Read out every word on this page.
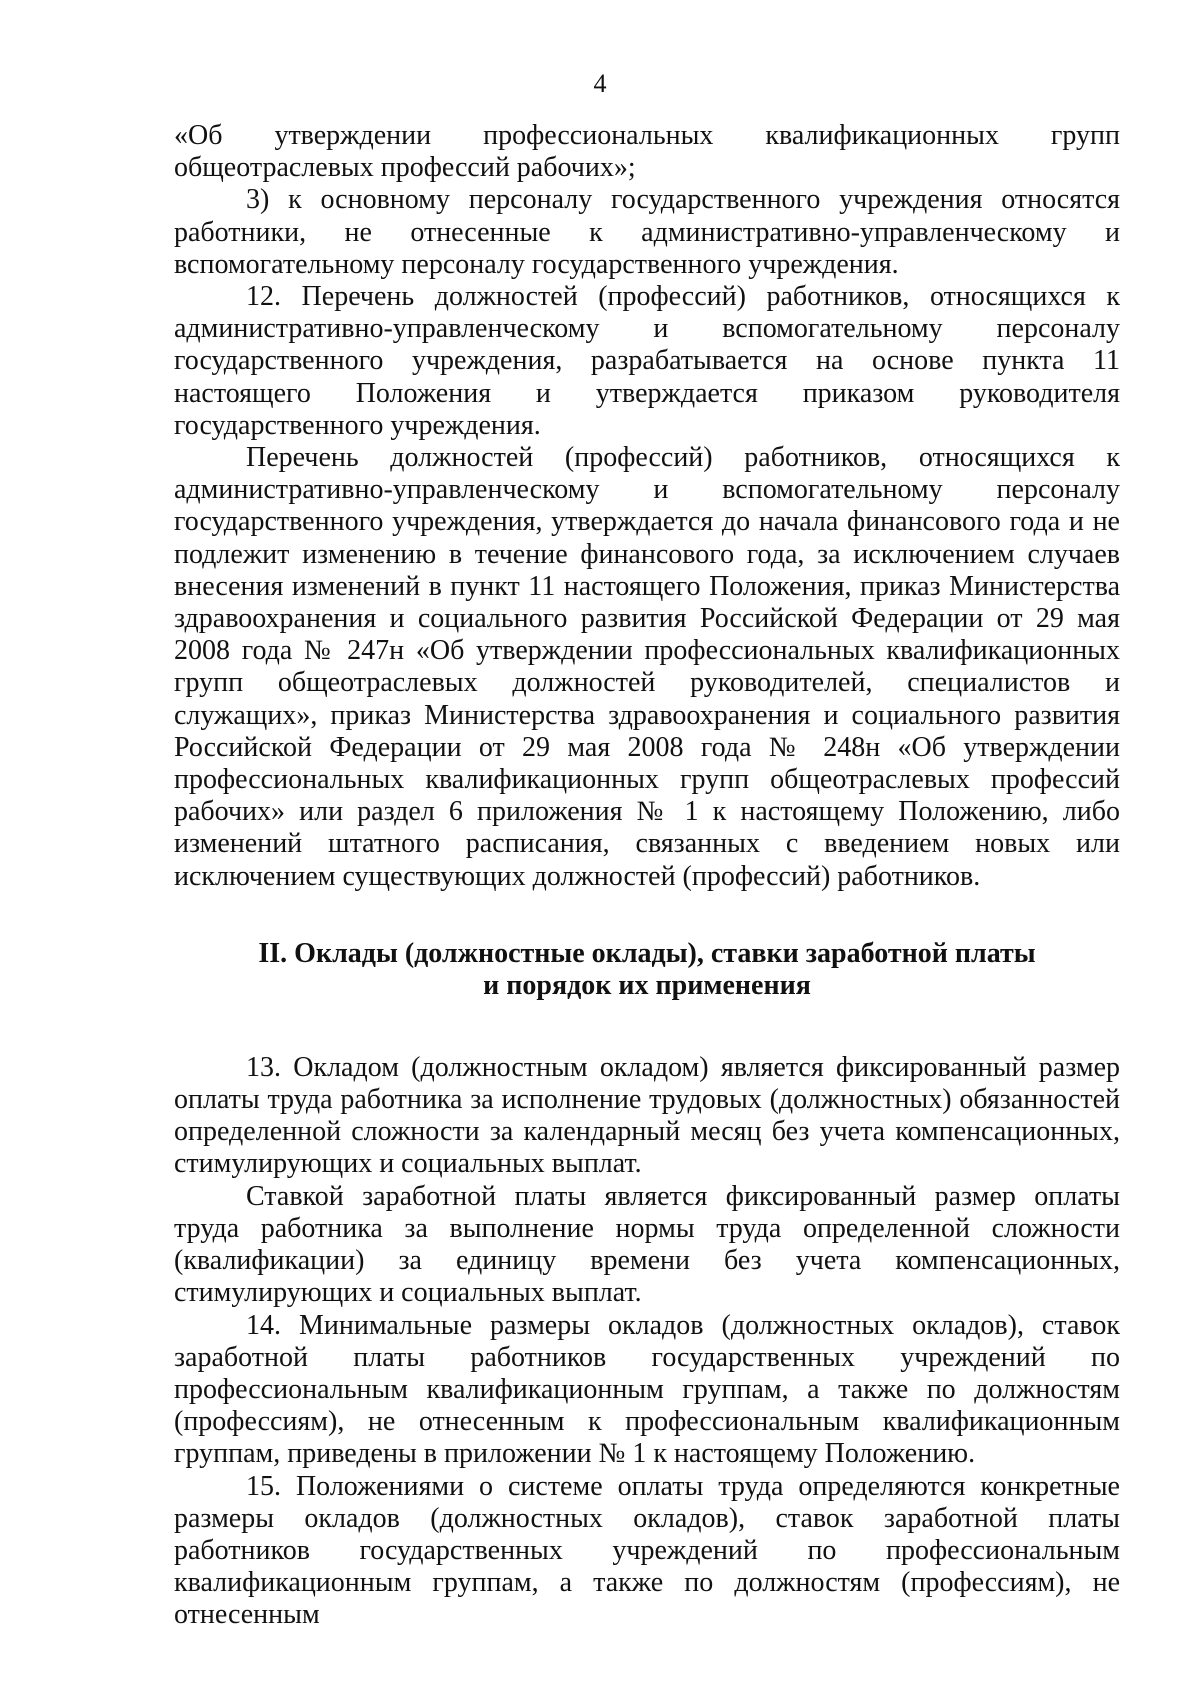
4

«Об утверждении профессиональных квалификационных групп общеотраслевых профессий рабочих»;

3) к основному персоналу государственного учреждения относятся работники, не отнесенные к административно-управленческому и вспомогательному персоналу государственного учреждения.

12. Перечень должностей (профессий) работников, относящихся к административно-управленческому и вспомогательному персоналу государственного учреждения, разрабатывается на основе пункта 11 настоящего Положения и утверждается приказом руководителя государственного учреждения.

Перечень должностей (профессий) работников, относящихся к административно-управленческому и вспомогательному персоналу государственного учреждения, утверждается до начала финансового года и не подлежит изменению в течение финансового года, за исключением случаев внесения изменений в пункт 11 настоящего Положения, приказ Министерства здравоохранения и социального развития Российской Федерации от 29 мая 2008 года № 247н «Об утверждении профессиональных квалификационных групп общеотраслевых должностей руководителей, специалистов и служащих», приказ Министерства здравоохранения и социального развития Российской Федерации от 29 мая 2008 года № 248н «Об утверждении профессиональных квалификационных групп общеотраслевых профессий рабочих» или раздел 6 приложения № 1 к настоящему Положению, либо изменений штатного расписания, связанных с введением новых или исключением существующих должностей (профессий) работников.

II. Оклады (должностные оклады), ставки заработной платы
и порядок их применения

13. Окладом (должностным окладом) является фиксированный размер оплаты труда работника за исполнение трудовых (должностных) обязанностей определенной сложности за календарный месяц без учета компенсационных, стимулирующих и социальных выплат.

Ставкой заработной платы является фиксированный размер оплаты труда работника за выполнение нормы труда определенной сложности (квалификации) за единицу времени без учета компенсационных, стимулирующих и социальных выплат.

14. Минимальные размеры окладов (должностных окладов), ставок заработной платы работников государственных учреждений по профессиональным квалификационным группам, а также по должностям (профессиям), не отнесенным к профессиональным квалификационным группам, приведены в приложении № 1 к настоящему Положению.

15. Положениями о системе оплаты труда определяются конкретные размеры окладов (должностных окладов), ставок заработной платы работников государственных учреждений по профессиональным квалификационным группам, а также по должностям (профессиям), не отнесенным
